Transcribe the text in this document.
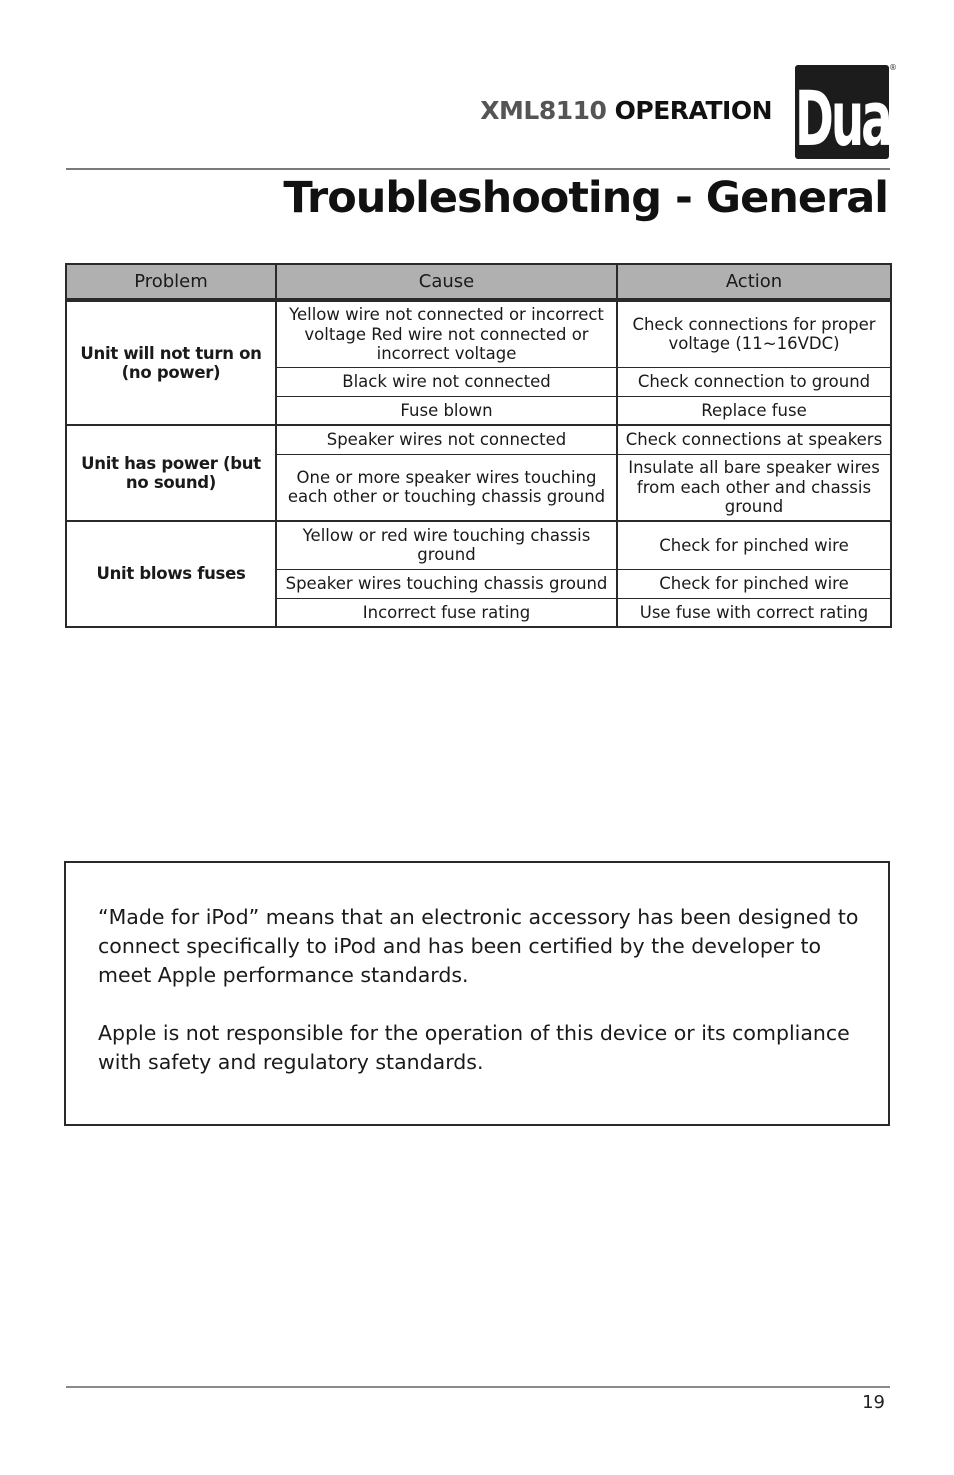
XML8110 OPERATION Dual
®
Troubleshooting - General
Problem	Cause	Action
Unit will not turn on (no power)	Yellow wire not connected or incorrect voltage Red wire not connected or incorrect voltage	Check connections for proper voltage (11~16VDC)
	Black wire not connected	Check connection to ground
	Fuse blown	Replace fuse
Unit has power (but no sound)	Speaker wires not connected	Check connections at speakers
	One or more speaker wires touching each other or touching chassis ground	Insulate all bare speaker wires from each other and chassis ground
Unit blows fuses	Yellow or red wire touching chassis ground	Check for pinched wire
	Speaker wires touching chassis ground	Check for pinched wire
	Incorrect fuse rating	Use fuse with correct rating

“Made for iPod” means that an electronic accessory has been designed to connect specifically to iPod and has been certified by the developer to meet Apple performance standards.

Apple is not responsible for the operation of this device or its compliance with safety and regulatory standards.

19
